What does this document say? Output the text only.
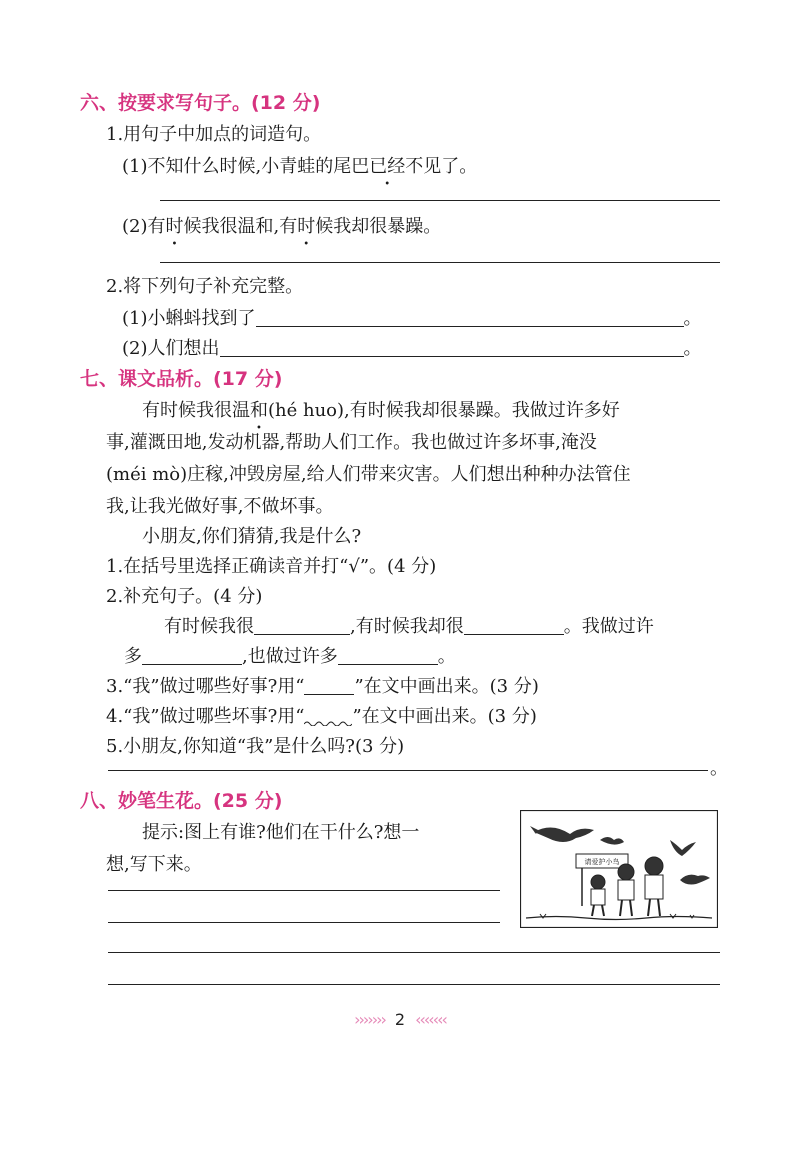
六、按要求写句子。(12 分)
1.用句子中加点的词造句。
(1)不知什么时候,小青蛙的尾巴已经不见了。
(2)有时候我很温和,有时候我却很暴躁。
2.将下列句子补充完整。
(1)小蝌蚪找到了	。
(2)人们想出	。
七、课文品析。(17 分)
有时候我很温和(hé huo),有时候我却很暴躁。我做过许多好
事,灌溉田地,发动机器,帮助人们工作。我也做过许多坏事,淹没
(méi mò)庄稼,冲毁房屋,给人们带来灾害。人们想出种种办法管住
我,让我光做好事,不做坏事。
小朋友,你们猜猜,我是什么?
1.在括号里选择正确读音并打“√”。(4 分)
2.补充句子。(4 分)
有时候我很	,有时候我却很	。我做过许
多	,也做过许多	。
3.“我”做过哪些好事?用“	”在文中画出来。(3 分)
4.“我”做过哪些坏事?用“	”在文中画出来。(3 分)
5.小朋友,你知道“我”是什么吗?(3 分)
。
八、妙笔生花。(25 分)
提示:图上有谁?他们在干什么?想一
想,写下来。	请爱护小鸟
››››››› 2 ‹‹‹‹‹‹‹
